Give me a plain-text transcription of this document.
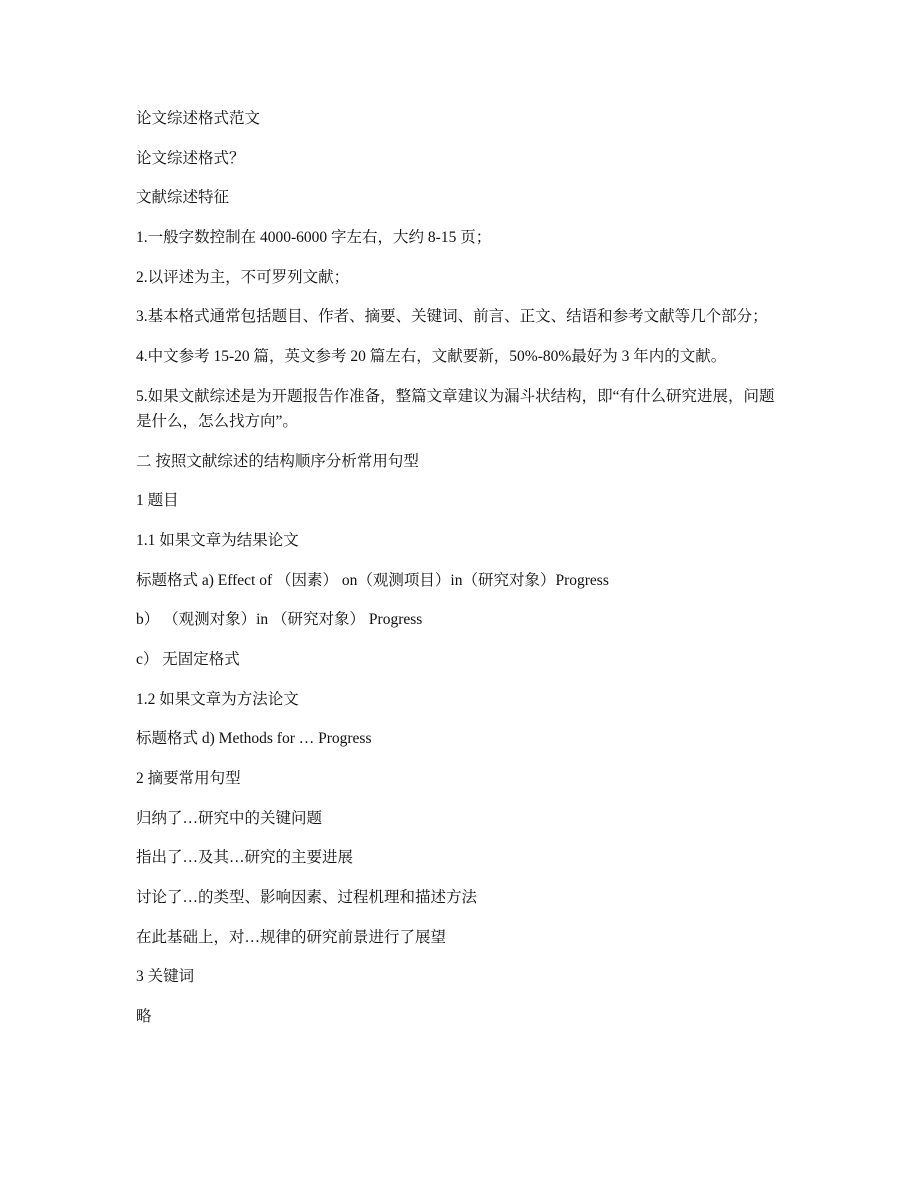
论文综述格式范文

论文综述格式？

文献综述特征

1.一般字数控制在 4000-6000 字左右，大约 8-15 页；

2.以评述为主，不可罗列文献；

3.基本格式通常包括题目、作者、摘要、关键词、前言、正文、结语和参考文献等几个部分；

4.中文参考 15-20 篇，英文参考 20 篇左右，文献要新，50%-80%最好为 3 年内的文献。

5.如果文献综述是为开题报告作准备，整篇文章建议为漏斗状结构，即“有什么研究进展，问题是什么，怎么找方向”。

二 按照文献综述的结构顺序分析常用句型

1 题目

1.1 如果文章为结果论文

标题格式 a) Effect of （因素） on（观测项目）in（研究对象）Progress

b） （观测对象）in （研究对象） Progress

c） 无固定格式

1.2 如果文章为方法论文

标题格式 d) Methods for … Progress

2 摘要常用句型

归纳了…研究中的关键问题

指出了…及其…研究的主要进展

讨论了…的类型、影响因素、过程机理和描述方法

在此基础上，对…规律的研究前景进行了展望

3 关键词

略
